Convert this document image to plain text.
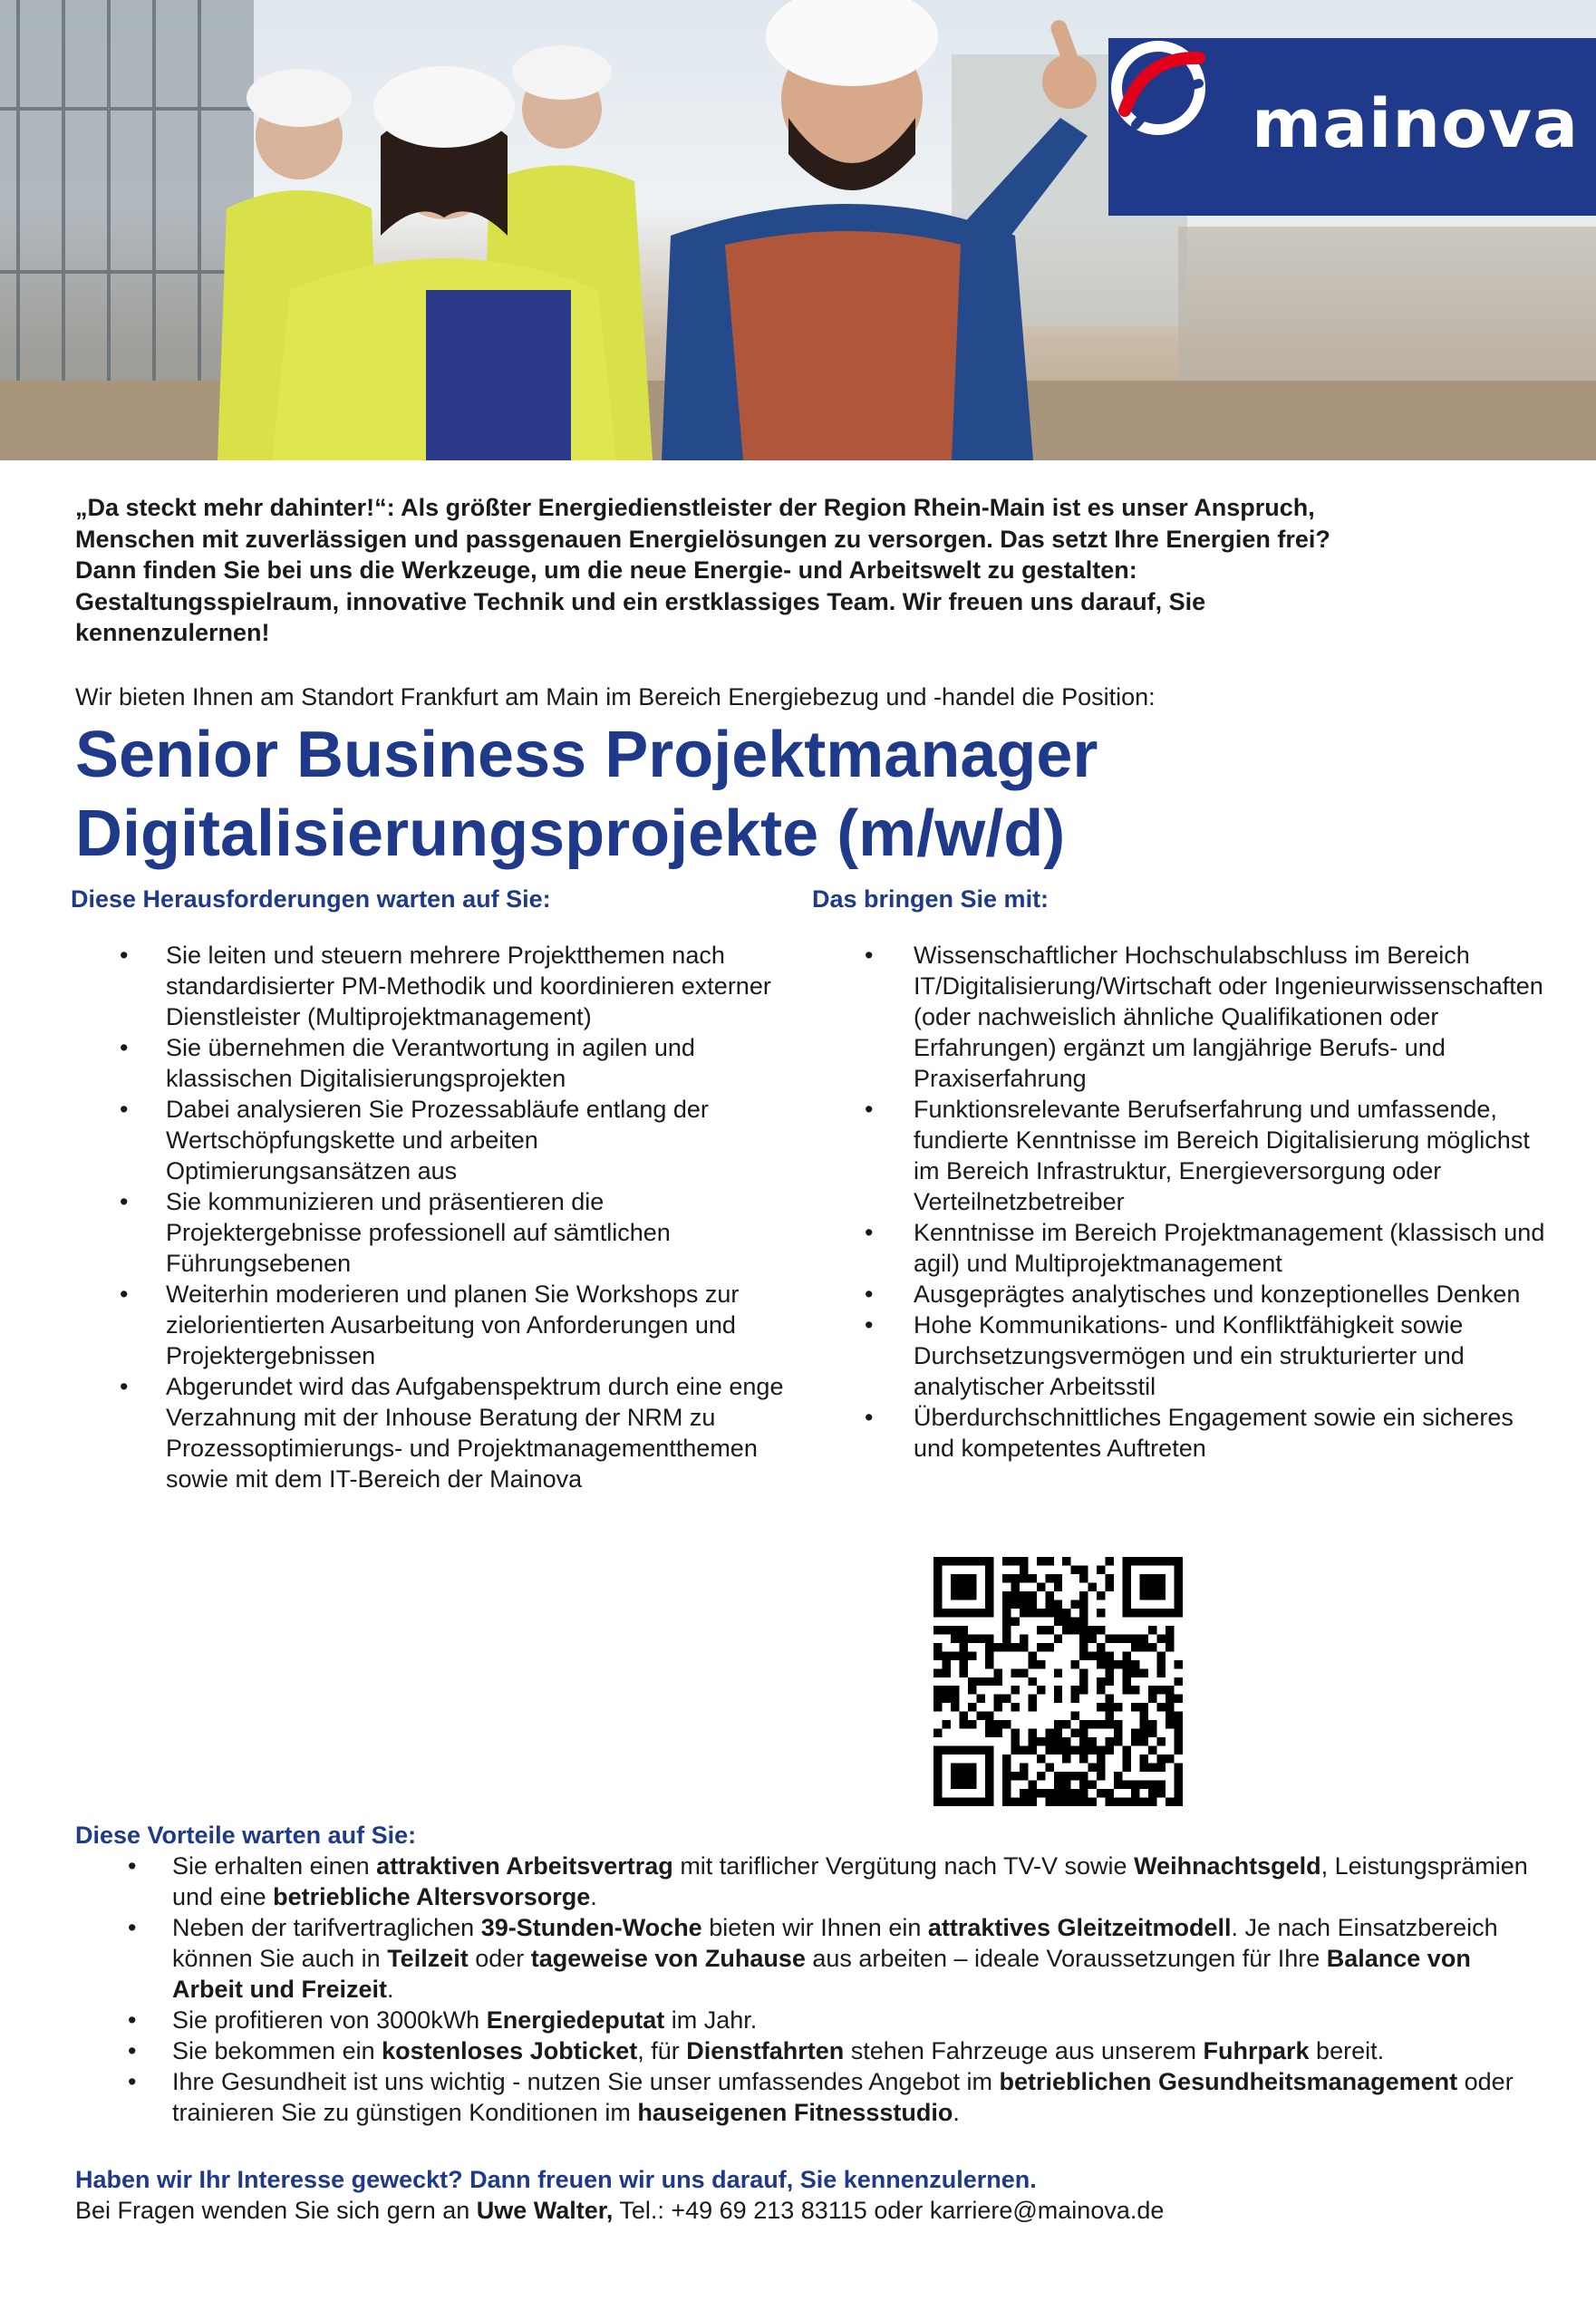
mainova
„Da steckt mehr dahinter!“: Als größter Energiedienstleister der Region Rhein-Main ist es unser Anspruch, Menschen mit zuverlässigen und passgenauen Energielösungen zu versorgen. Das setzt Ihre Energien frei? Dann finden Sie bei uns die Werkzeuge, um die neue Energie- und Arbeitswelt zu gestalten: Gestaltungsspielraum, innovative Technik und ein erstklassiges Team. Wir freuen uns darauf, Sie kennenzulernen!
Wir bieten Ihnen am Standort Frankfurt am Main im Bereich Energiebezug und -handel die Position:
Senior Business Projektmanager
Digitalisierungsprojekte (m/w/d)
Diese Herausforderungen warten auf Sie:
• Sie leiten und steuern mehrere Projektthemen nach standardisierter PM-Methodik und koordinieren externer Dienstleister (Multiprojektmanagement)
• Sie übernehmen die Verantwortung in agilen und klassischen Digitalisierungsprojekten
• Dabei analysieren Sie Prozessabläufe entlang der Wertschöpfungskette und arbeiten Optimierungsansätzen aus
• Sie kommunizieren und präsentieren die Projektergebnisse professionell auf sämtlichen Führungsebenen
• Weiterhin moderieren und planen Sie Workshops zur zielorientierten Ausarbeitung von Anforderungen und Projektergebnissen
• Abgerundet wird das Aufgabenspektrum durch eine enge Verzahnung mit der Inhouse Beratung der NRM zu Prozessoptimierungs- und Projektmanagementthemen sowie mit dem IT-Bereich der Mainova
Das bringen Sie mit:
• Wissenschaftlicher Hochschulabschluss im Bereich IT/Digitalisierung/Wirtschaft oder Ingenieurwissenschaften (oder nachweislich ähnliche Qualifikationen oder Erfahrungen) ergänzt um langjährige Berufs- und Praxiserfahrung
• Funktionsrelevante Berufserfahrung und umfassende, fundierte Kenntnisse im Bereich Digitalisierung möglichst im Bereich Infrastruktur, Energieversorgung oder Verteilnetzbetreiber
• Kenntnisse im Bereich Projektmanagement (klassisch und agil) und Multiprojektmanagement
• Ausgeprägtes analytisches und konzeptionelles Denken
• Hohe Kommunikations- und Konfliktfähigkeit sowie Durchsetzungsvermögen und ein strukturierter und analytischer Arbeitsstil
• Überdurchschnittliches Engagement sowie ein sicheres und kompetentes Auftreten
Diese Vorteile warten auf Sie:
• Sie erhalten einen attraktiven Arbeitsvertrag mit tariflicher Vergütung nach TV-V sowie Weihnachtsgeld, Leistungsprämien und eine betriebliche Altersvorsorge.
• Neben der tarifvertraglichen 39-Stunden-Woche bieten wir Ihnen ein attraktives Gleitzeitmodell. Je nach Einsatzbereich können Sie auch in Teilzeit oder tageweise von Zuhause aus arbeiten – ideale Voraussetzungen für Ihre Balance von Arbeit und Freizeit.
• Sie profitieren von 3000kWh Energiedeputat im Jahr.
• Sie bekommen ein kostenloses Jobticket, für Dienstfahrten stehen Fahrzeuge aus unserem Fuhrpark bereit.
• Ihre Gesundheit ist uns wichtig - nutzen Sie unser umfassendes Angebot im betrieblichen Gesundheitsmanagement oder trainieren Sie zu günstigen Konditionen im hauseigenen Fitnessstudio.
Haben wir Ihr Interesse geweckt? Dann freuen wir uns darauf, Sie kennenzulernen.
Bei Fragen wenden Sie sich gern an Uwe Walter, Tel.: +49 69 213 83115 oder karriere@mainova.de
